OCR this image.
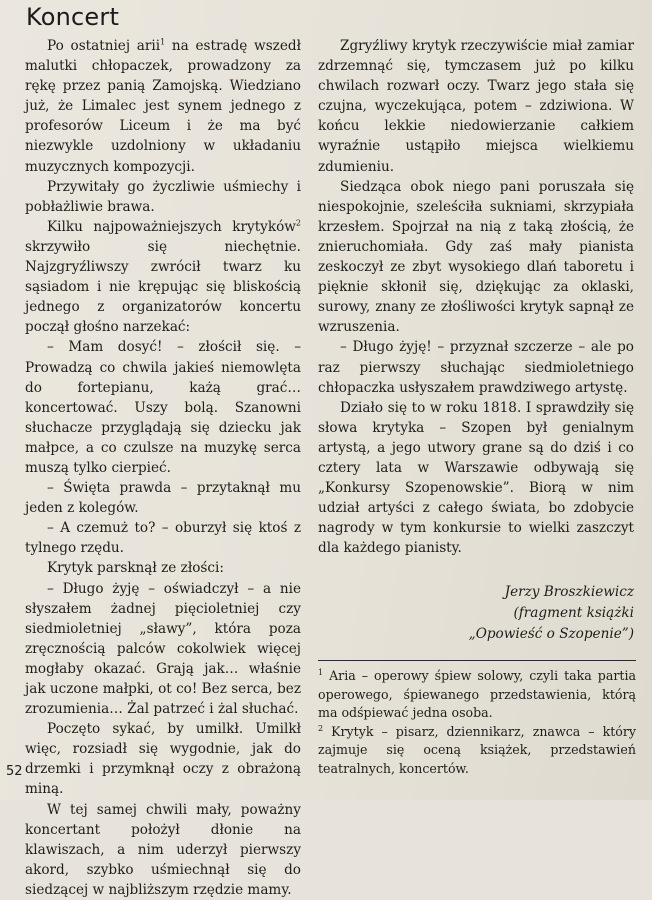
Koncert

Po ostatniej arii$^1$ na estradę wszedł malutki chłopaczek, prowadzony za rękę przez panią Zamojską. Wiedziano już, że Limalec jest synem jednego z profesorów Liceum i że ma być niezwykle uzdolniony w układaniu muzycznych kompozycji.

Przywitały go życzliwie uśmiechy i pobłażliwie brawa.

Kilku najpoważniejszych krytyków$^2$ skrzywiło się niechętnie. Najzgryźliwszy zwrócił twarz ku sąsiadom i nie krępując się bliskością jednego z organizatorów koncertu począł głośno narzekać:

– Mam dosyć! – złościł się. – Prowadzą co chwila jakieś niemowlęta do fortepianu, każą grać… koncertować. Uszy bolą. Szanowni słuchacze przyglądają się dziecku jak małpce, a co czulsze na muzykę serca muszą tylko cierpieć.

– Święta prawda – przytaknął mu jeden z kolegów.

– A czemuż to? – oburzył się ktoś z tylnego rzędu.

Krytyk parsknął ze złości:

– Długo żyję – oświadczył – a nie słyszałem żadnej pięcioletniej czy siedmioletniej „sławy”, która poza zręcznością palców cokolwiek więcej mogłaby okazać. Grają jak… właśnie jak uczone małpki, ot co! Bez serca, bez zrozumienia… Żal patrzeć i żal słuchać.

Poczęto sykać, by umilkł. Umilkł więc, rozsiadł się wygodnie, jak do drzemki i przymknął oczy z obrażoną miną.

W tej samej chwili mały, poważny koncertant położył dłonie na klawiszach, a nim uderzył pierwszy akord, szybko uśmiechnął się do siedzącej w najbliższym rzędzie mamy.

Zgryźliwy krytyk rzeczywiście miał zamiar zdrzemnąć się, tymczasem już po kilku chwilach rozwarł oczy. Twarz jego stała się czujna, wyczekująca, potem – zdziwiona. W końcu lekkie niedowierzanie całkiem wyraźnie ustąpiło miejsca wielkiemu zdumieniu.

Siedząca obok niego pani poruszała się niespokojnie, szeleściła sukniami, skrzypiała krzesłem. Spojrzał na nią z taką złością, że znieruchomiała. Gdy zaś mały pianista zeskoczył ze zbyt wysokiego dlań taboretu i pięknie skłonił się, dziękując za oklaski, surowy, znany ze złośliwości krytyk sapnął ze wzruszenia.

– Długo żyję! – przyznał szczerze – ale po raz pierwszy słuchając siedmioletniego chłopaczka usłyszałem prawdziwego artystę.

Działo się to w roku 1818. I sprawdziły się słowa krytyka – Szopen był genialnym artystą, a jego utwory grane są do dziś i co cztery lata w Warszawie odbywają się „Konkursy Szopenowskie”. Biorą w nim udział artyści z całego świata, bo zdobycie nagrody w tym konkursie to wielki zaszczyt dla każdego pianisty.

Jerzy Broszkiewicz
(fragment książki
„Opowieść o Szopenie”)

$^1$ Aria – operowy śpiew solowy, czyli taka partia operowego, śpiewanego przedstawienia, którą ma odśpiewać jedna osoba.

$^2$ Krytyk – pisarz, dziennikarz, znawca – który zajmuje się oceną książek, przedstawień teatralnych, koncertów.

52
